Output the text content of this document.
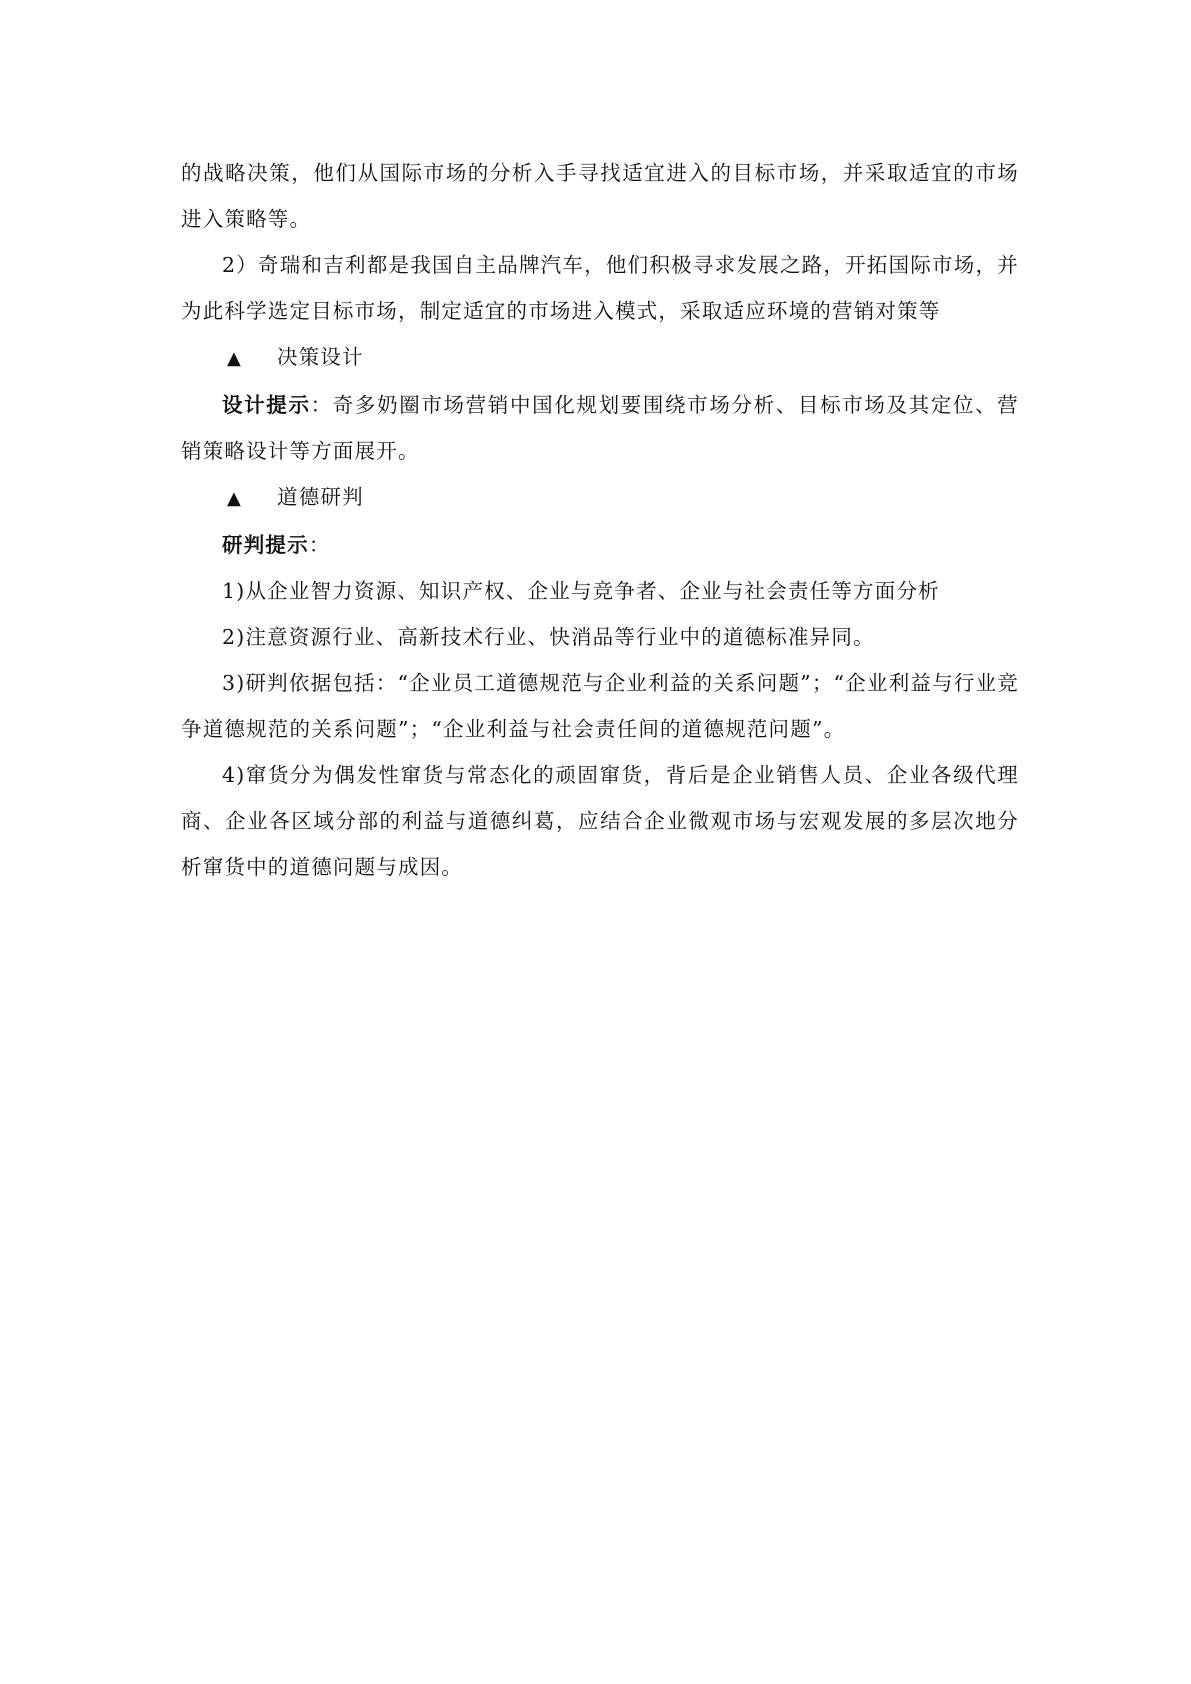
的战略决策，他们从国际市场的分析入手寻找适宜进入的目标市场，并采取适宜的市场进入策略等。

2）奇瑞和吉利都是我国自主品牌汽车，他们积极寻求发展之路，开拓国际市场，并为此科学选定目标市场，制定适宜的市场进入模式，采取适应环境的营销对策等

▲ 决策设计

设计提示：奇多奶圈市场营销中国化规划要围绕市场分析、目标市场及其定位、营销策略设计等方面展开。

▲ 道德研判

研判提示：

1)从企业智力资源、知识产权、企业与竞争者、企业与社会责任等方面分析

2)注意资源行业、高新技术行业、快消品等行业中的道德标准异同。

3)研判依据包括：“企业员工道德规范与企业利益的关系问题”；“企业利益与行业竞争道德规范的关系问题”；“企业利益与社会责任间的道德规范问题”。

4)窜货分为偶发性窜货与常态化的顽固窜货，背后是企业销售人员、企业各级代理商、企业各区域分部的利益与道德纠葛，应结合企业微观市场与宏观发展的多层次地分析窜货中的道德问题与成因。
